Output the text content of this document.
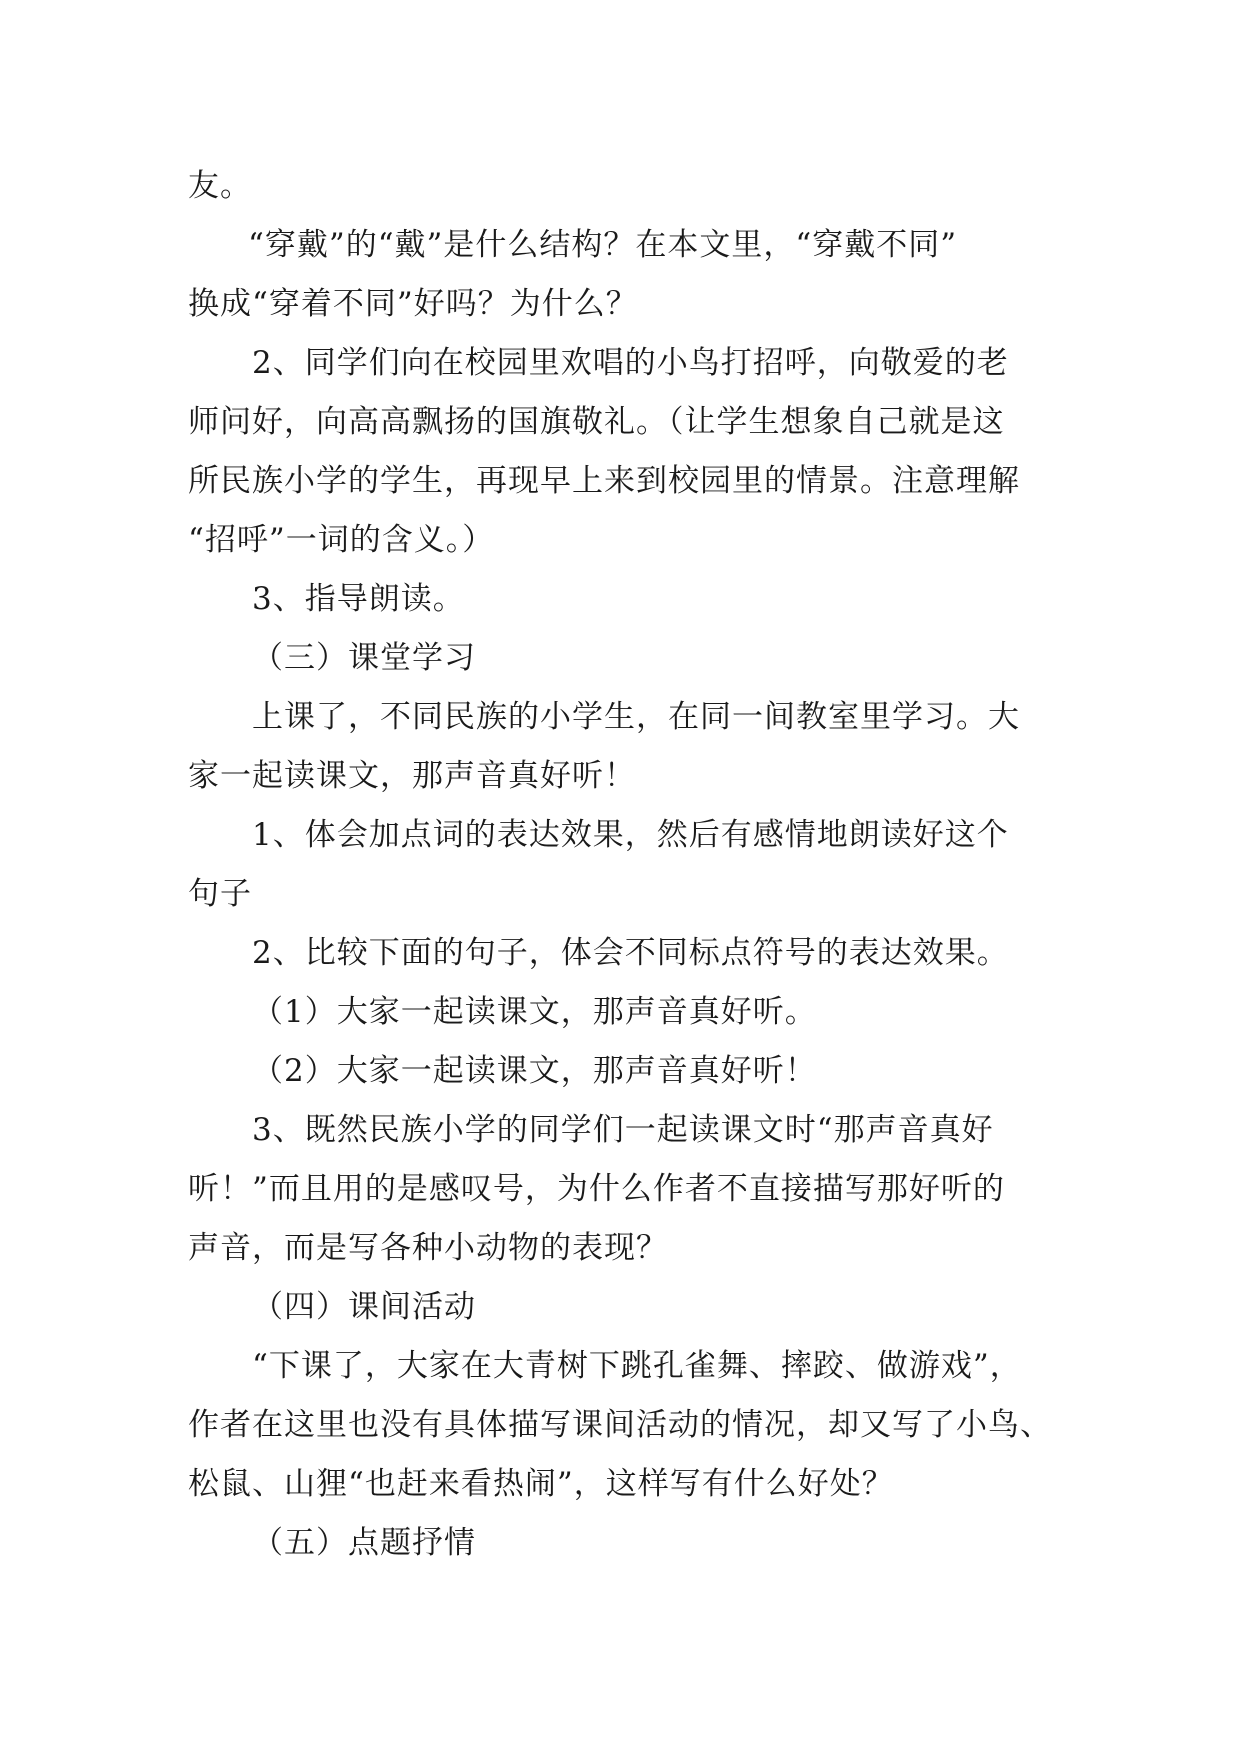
友。

“穿戴”的“戴”是什么结构？在本文里，“穿戴不同”

换成“穿着不同”好吗？为什么？

2、同学们向在校园里欢唱的小鸟打招呼，向敬爱的老

师问好，向高高飘扬的国旗敬礼。（让学生想象自己就是这

所民族小学的学生，再现早上来到校园里的情景。注意理解

“招呼”一词的含义。）

3、指导朗读。

（三）课堂学习

上课了，不同民族的小学生，在同一间教室里学习。大

家一起读课文，那声音真好听！

1、体会加点词的表达效果，然后有感情地朗读好这个

句子

2、比较下面的句子，体会不同标点符号的表达效果。

（1）大家一起读课文，那声音真好听。

（2）大家一起读课文，那声音真好听！

3、既然民族小学的同学们一起读课文时“那声音真好

听！”而且用的是感叹号，为什么作者不直接描写那好听的

声音，而是写各种小动物的表现？

（四）课间活动

“下课了，大家在大青树下跳孔雀舞、摔跤、做游戏”，

作者在这里也没有具体描写课间活动的情况，却又写了小鸟、

松鼠、山狸“也赶来看热闹”，这样写有什么好处？

（五）点题抒情
